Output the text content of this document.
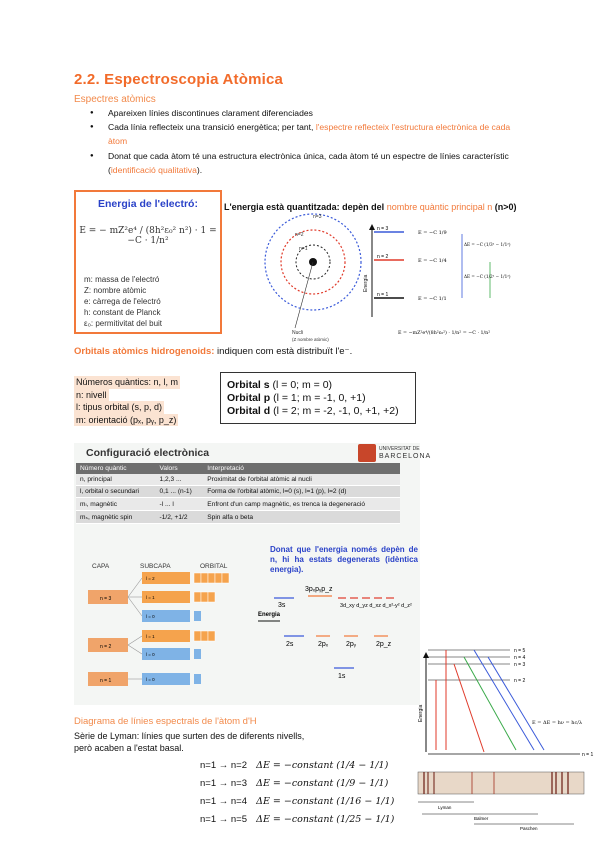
2.2. Espectroscopia Atòmica
Espectres atòmics
● Apareixen línies discontinues clarament diferenciades
● Cada línia reflecteix una transició energètica; per tant, l'espectre reflecteix l'estructura electrònica de cada àtom
● Donat que cada àtom té una estructura electrònica única, cada àtom té un espectre de línies característic (identificació qualitativa).
Energia de l'electró:
E = − mZ²e⁴ / (8h²ε₀² n²) · 1 = −C · 1/n²
m: massa de l'electró
Z: nombre atòmic
e: càrrega de l'electró
h: constant de Planck
ε₀: permitivitat del buit
L'energia està quantitzada: depèn del nombre quàntic principal n (n>0)
n=3
n=2
n=1
Nucli
(Z nombre atòmic)
Energia
n = 3
n = 2
n = 1
E = −C 1/9
E = −C 1/4
E = −C 1/1
ΔE = −C (1/3² − 1/1²)
ΔE = −C (1/2² − 1/1²)
E = −mZ²e⁴/(8h²ε₀²) · 1/n² = −C · 1/n²
Orbitals atòmics hidrogenoids: indiquen com està distribuït l'e⁻.
Números quàntics: n, l, m
n: nivell
l: tipus orbital (s, p, d)
m: orientació (pₓ, pᵧ, p_z)
Orbital s (l = 0; m = 0)
Orbital p (l = 1; m = -1, 0, +1)
Orbital d (l = 2; m = -2, -1, 0, +1, +2)
Configuració electrònica	UNIVERSITAT DE
BARCELONA
Número quàntic	Valors	Interpretació
n, principal	1,2,3 ...	Proximitat de l'orbital atòmic al nucli
l, orbital o secundari	0,1 ... (n-1)	Forma de l'orbital atòmic, l=0 (s), l=1 (p), l=2 (d)
mₗ, magnètic	-l ... l	Enfront d'un camp magnètic, es trenca la degeneració
mₛ, magnètic spin	-1/2, +1/2	Spin alfa o beta
CAPA	SUBCAPA	ORBITAL
n = 3
l = 2
l = 1
l = 0
n = 2
l = 1
l = 0
n = 1	l = 0
Donat que l'energia només depèn de n, hi ha estats degenerats (idèntica energia).
3pₓpᵧp_z
3s	3d_xy d_yz d_xz d_x²-y² d_z²
Energia
2s	2pₓ	2pᵧ	2p_z
1s
Diagrama de línies espectrals de l'àtom d'H
Sèrie de Lyman: línies que surten des de diferents nivells,
però acaben a l'estat basal.
n=1 → n=2 ΔE = −constant (1/4 − 1/1)
n=1 → n=3 ΔE = −constant (1/9 − 1/1)
n=1 → n=4 ΔE = −constant (1/16 − 1/1)
n=1 → n=5 ΔE = −constant (1/25 − 1/1)
Energia
n = 5
n = 4
n = 3
n = 2
n = 1
E = ΔE = hν = hc/λ
Lyman
Balmer
Paschen
